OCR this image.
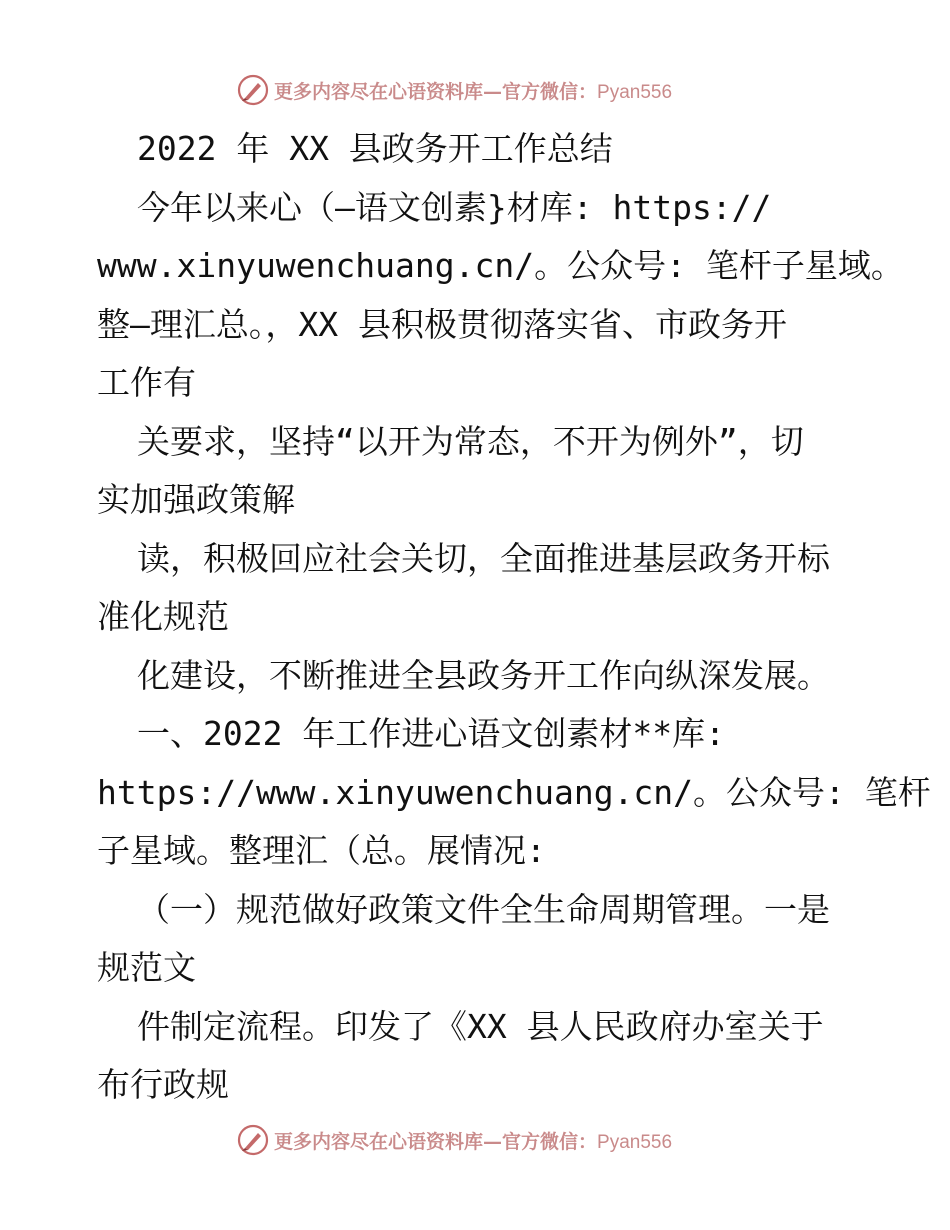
更多内容尽在心语资料库—官方微信：Pyan556

2022 年 XX 县政务开工作总结

今年以来心（—语文创素}材库: https://

www.xinyuwenchuang.cn/。公众号: 笔杆子星域。

整—理汇总。，XX 县积极贯彻落实省、市政务开

工作有

关要求，坚持“以开为常态，不开为例外”，切

实加强政策解

读，积极回应社会关切，全面推进基层政务开标

准化规范

化建设，不断推进全县政务开工作向纵深发展。

一、2022 年工作进心语文创素材**库:

https://www.xinyuwenchuang.cn/。公众号: 笔杆

子星域。整理汇（总。展情况:

（一）规范做好政策文件全生命周期管理。一是

规范文

件制定流程。印发了《XX 县人民政府办室关于

布行政规

更多内容尽在心语资料库—官方微信：Pyan556
